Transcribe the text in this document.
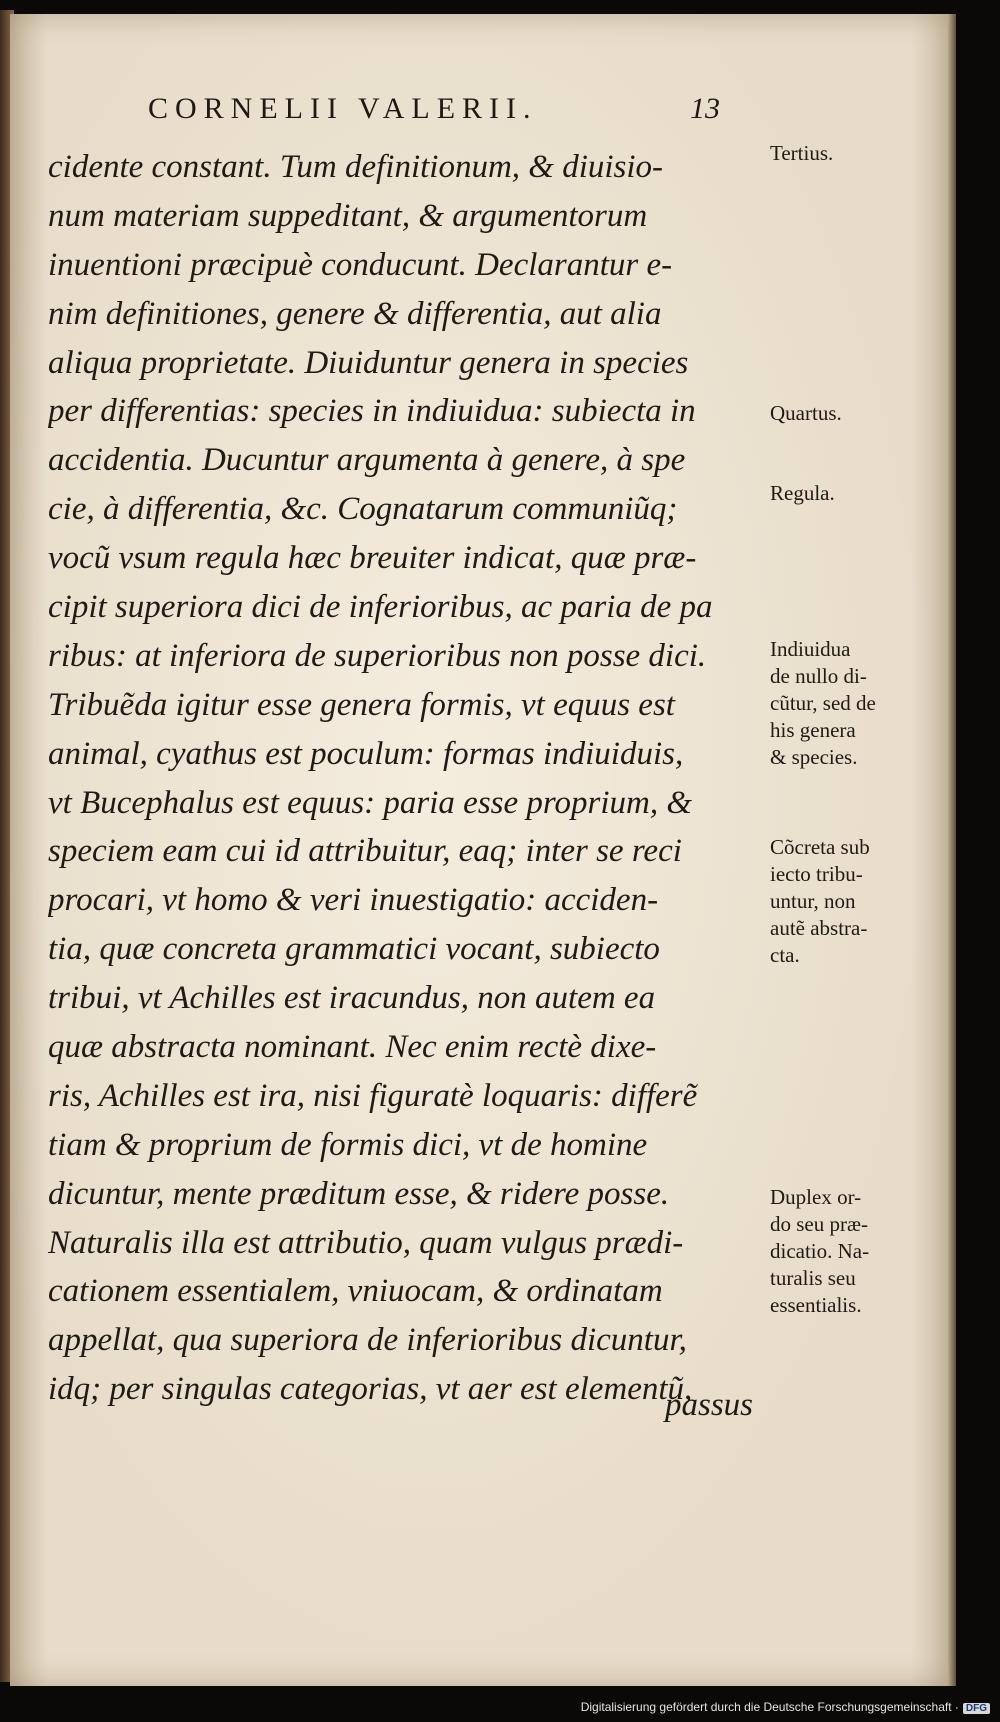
CORNELII VALERII.	13
cidente constant. Tum definitionum, & diuisio-
num materiam suppeditant, & argumentorum
inuentioni præcipuè conducunt. Declarantur e-
nim definitiones, genere & differentia, aut alia
aliqua proprietate. Diuiduntur genera in species
per differentias: species in indiuidua: subiecta in
accidentia. Ducuntur argumenta à genere, à spe
cie, à differentia, &c. Cognatarum communiũq;
vocũ vsum regula hæc breuiter indicat, quæ præ-
cipit superiora dici de inferioribus, ac paria de pa
ribus: at inferiora de superioribus non posse dici.
Tribuẽda igitur esse genera formis, vt equus est
animal, cyathus est poculum: formas indiuiduis,
vt Bucephalus est equus: paria esse proprium, &
speciem eam cui id attribuitur, eaq; inter se reci
procari, vt homo & veri inuestigatio: acciden-
tia, quæ concreta grammatici vocant, subiecto
tribui, vt Achilles est iracundus, non autem ea
quæ abstracta nominant. Nec enim rectè dixe-
ris, Achilles est ira, nisi figuratè loquaris: differẽ
tiam & proprium de formis dici, vt de homine
dicuntur, mente præditum esse, & ridere posse.
Naturalis illa est attributio, quam vulgus prædi-
cationem essentialem, vniuocam, & ordinatam
appellat, qua superiora de inferioribus dicuntur,
idq; per singulas categorias, vt aer est elementũ,
passus
Tertius.
Quartus.
Regula.
Indiuidua
de nullo di-
cũtur, sed de
his genera
& species.
Cõcreta sub
iecto tribu-
untur, non
autẽ abstra-
cta.
Duplex or-
do seu præ-
dicatio. Na-
turalis seu
essentialis.
Digitalisierung gefördert durch die Deutsche Forschungsgemeinschaft · DFG
